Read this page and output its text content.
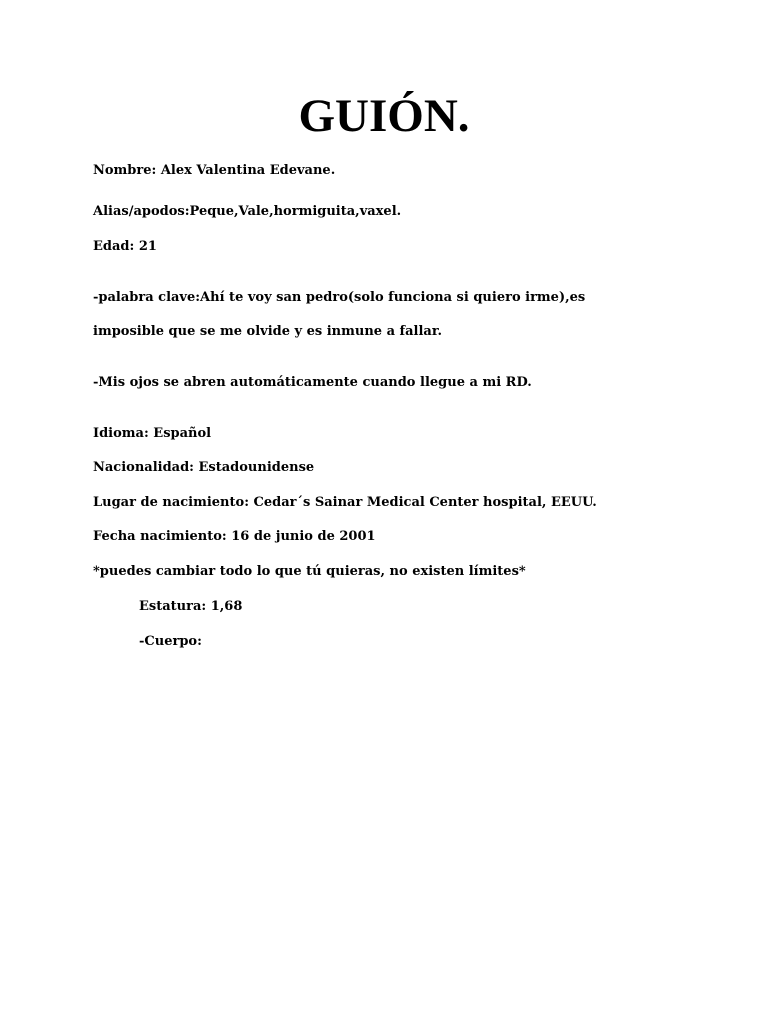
GUIÓN.

Nombre: Alex Valentina Edevane.

Alias/apodos:Peque,Vale,hormiguita,vaxel.

Edad: 21

-palabra clave:Ahí te voy san pedro(solo funciona si quiero irme),es

imposible que se me olvide y es inmune a fallar.

-Mis ojos se abren automáticamente cuando llegue a mi RD.

Idioma: Español

Nacionalidad: Estadounidense

Lugar de nacimiento: Cedar´s Sainar Medical Center hospital, EEUU.

Fecha nacimiento: 16 de junio de 2001

*puedes cambiar todo lo que tú quieras, no existen límites*

Estatura: 1,68

-Cuerpo:
